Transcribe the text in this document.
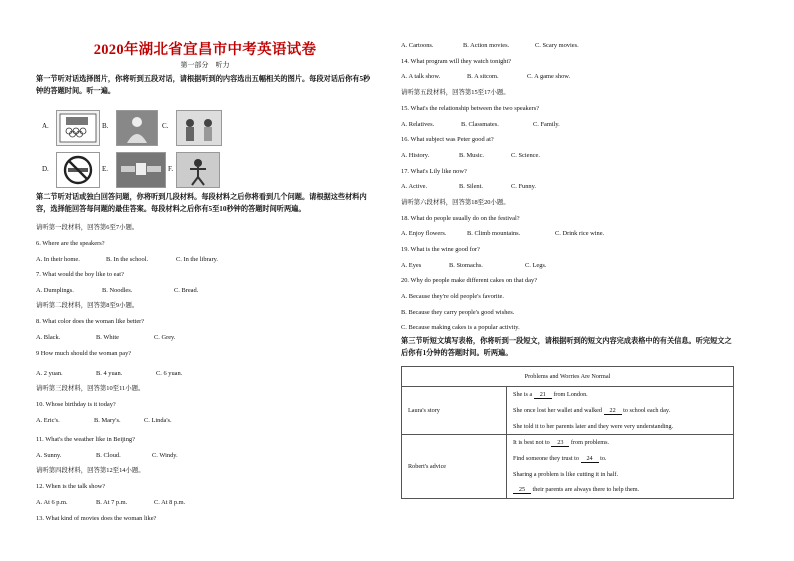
2020年湖北省宜昌市中考英语试卷
第一部分　听力
第一节听对话选择图片，你将听到五段对话，请根据听到的内容选出五幅相关的图片。每段对话后你有5秒钟的答题时间。听一遍。
A.	B.	C.
D.	E.	F.
第二节听对话或独白回答问题，你将听到几段材料。每段材料之后你将看到几个问题。请根据这些材料内容，选择能回答每问题的最佳答案。每段材料之后你有5至10秒钟的答题时间听两遍。
请听第一段材料，回答第6至7小题。
6. Where are the speakers?
A. In their home.	B. In the school.	C. In the library.
7. What would the boy like to eat?
A. Dumplings.	B. Noodles.	C. Bread.
请听第二段材料，回答第8至9小题。
8. What color does the woman like better?
A. Black.	B. White	C. Grey.
9 How much should the woman pay?
A. 2 yuan.	B. 4 yuan.	C. 6 yuan.
请听第三段材料，回答第10至11小题。
10. Whose birthday is it today?
A. Eric's.	B. Mary's.	C. Linda's.
11. What's the weather like in Beijing?
A. Sunny.	B. Cloud.	C. Windy.
请听第四段材料，回答第12至14小题。
12. When is the talk show?
A. At 6 p.m.	B. At 7 p.m.	C. At 8 p.m.
13. What kind of movies does the woman like?
A. Cartoons.	B. Action movies.	C. Scary movies.
14. What program will they watch tonight?
A. A talk show.	B. A sitcom.	C. A game show.
请听第五段材料，回答第15至17小题。
15. What's the relationship between the two speakers?
A. Relatives.	B. Classmates.	C. Family.
16. What subject was Peter good at?
A. History.	B. Music.	C. Science.
17. What's Lily like now?
A. Active.	B. Silent.	C. Funny.
请听第六段材料，回答第18至20小题。
18. What do people usually do on the festival?
A. Enjoy flowers.	B. Climb mountains.	C. Drink rice wine.
19. What is the wine good for?
A. Eyes	B. Stomachs.	C. Legs.
20. Why do people make different cakes on that day?
A. Because they're old people's favorite.
B. Because they carry people's good wishes.
C. Because making cakes is a popular activity.
第三节听短文填写表格，你将听到一段短文，请根据听到的短文内容完成表格中的有关信息。听完短文之后你有1分钟的答题时间。听两遍。
Problems and Worries Are Normal	
Laura's story	She is a 21 from London.
	She once lost her wallet and walked 22 to school each day.
	She told it to her parents later and they were very understanding.
Robert's advice	It is best not to 23 from problems.
	Find someone they trust to 24 to.
	Sharing a problem is like cutting it in half.
	25 their parents are always there to help them.
